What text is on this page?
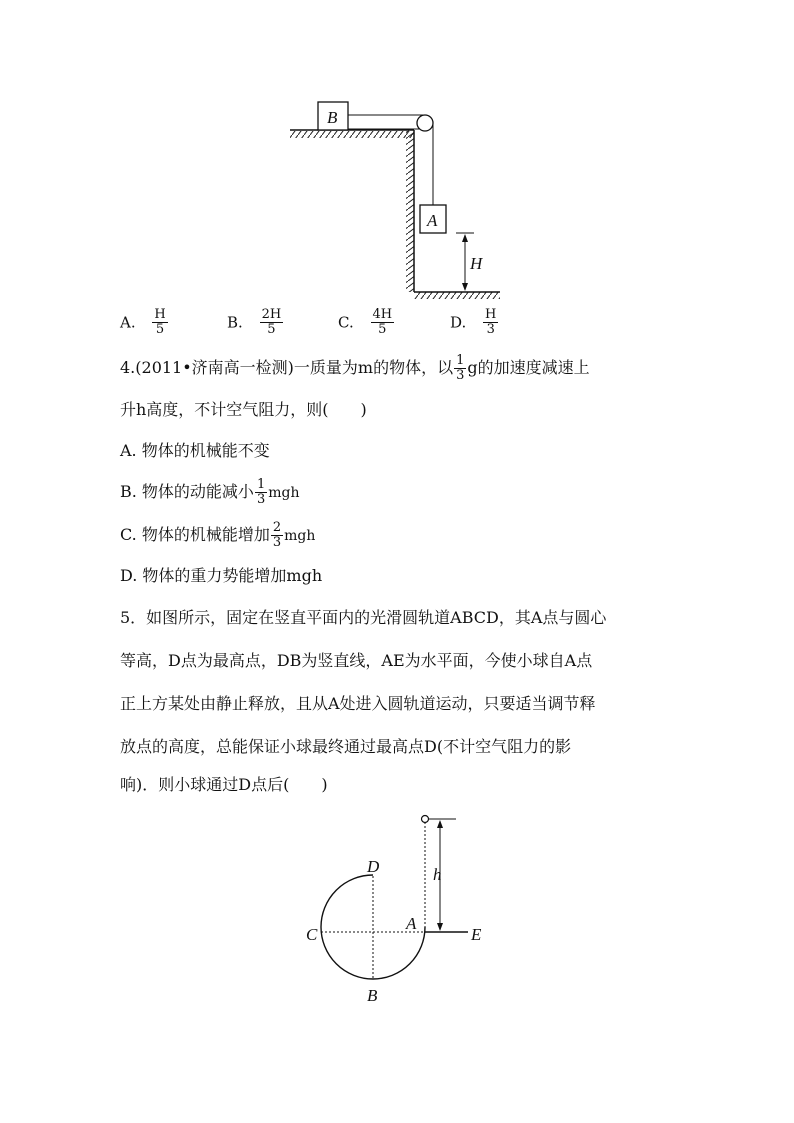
B
A
H
A. $\frac{H}{5}$	B. $\frac{2H}{5}$	C. $\frac{4H}{5}$	D. $\frac{H}{3}$
4.(2011•济南高一检测)一质量为m的物体，以 $\frac{1}{3}$ g的加速度减速上
升h高度，不计空气阻力，则(　　)
A. 物体的机械能不变
B. 物体的动能减小 $\frac{1}{3}$ mgh
C. 物体的机械能增加 $\frac{2}{3}$ mgh
D. 物体的重力势能增加mgh
5．如图所示，固定在竖直平面内的光滑圆轨道ABCD，其A点与圆心
等高，D点为最高点，DB为竖直线，AE为水平面，今使小球自A点
正上方某处由静止释放，且从A处进入圆轨道运动，只要适当调节释
放点的高度，总能保证小球最终通过最高点D(不计空气阻力的影
响)．则小球通过D点后(　　)
h
D
C
A
E
B
